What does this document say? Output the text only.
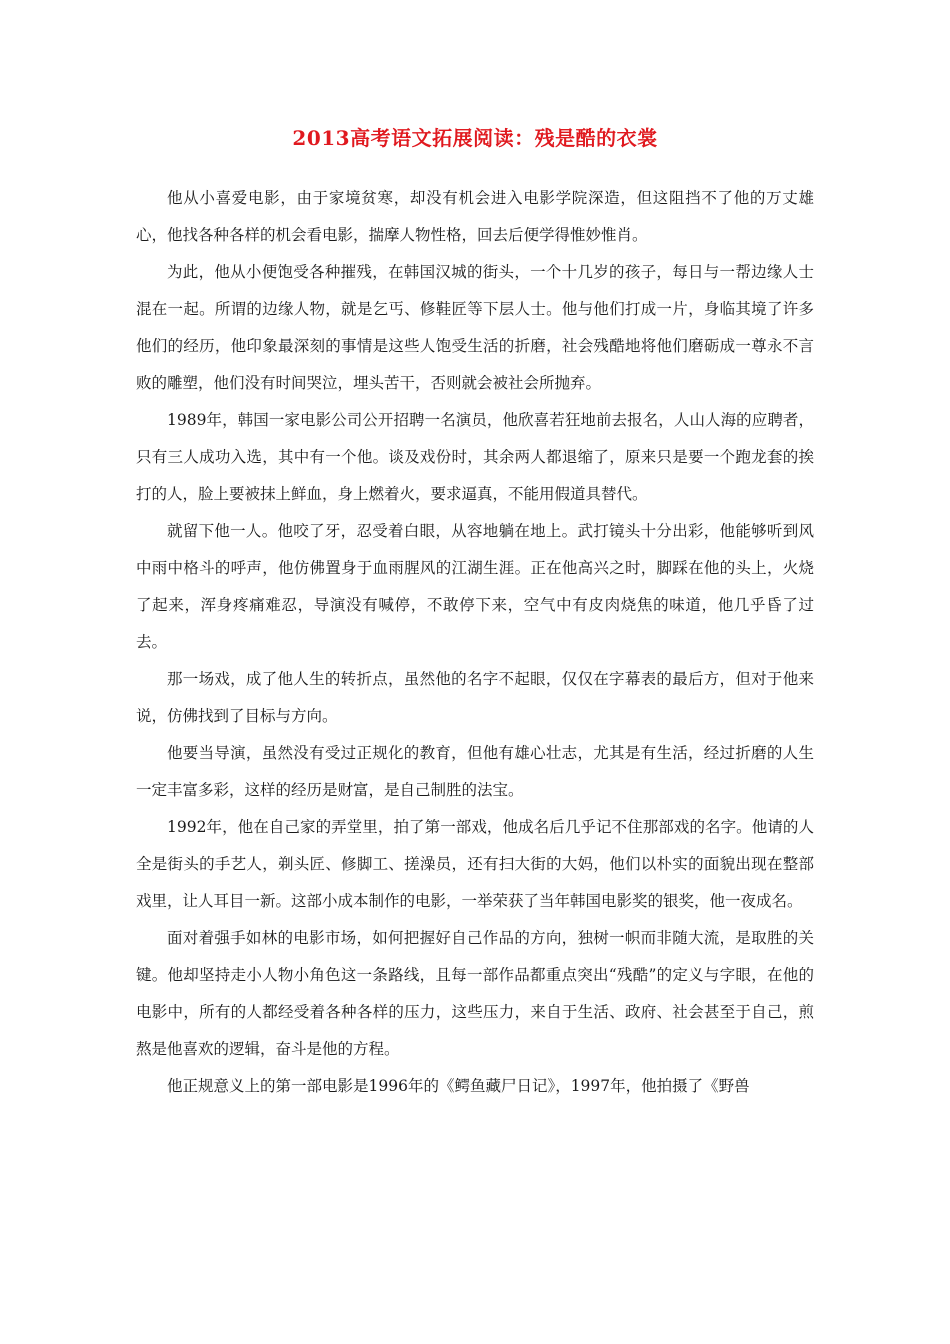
2013高考语文拓展阅读：残是酷的衣裳

他从小喜爱电影，由于家境贫寒，却没有机会进入电影学院深造，但这阻挡不了他的万丈雄心，他找各种各样的机会看电影，揣摩人物性格，回去后便学得惟妙惟肖。

为此，他从小便饱受各种摧残，在韩国汉城的街头，一个十几岁的孩子，每日与一帮边缘人士混在一起。所谓的边缘人物，就是乞丐、修鞋匠等下层人士。他与他们打成一片，身临其境了许多他们的经历，他印象最深刻的事情是这些人饱受生活的折磨，社会残酷地将他们磨砺成一尊永不言败的雕塑，他们没有时间哭泣，埋头苦干，否则就会被社会所抛弃。

1989年，韩国一家电影公司公开招聘一名演员，他欣喜若狂地前去报名，人山人海的应聘者，只有三人成功入选，其中有一个他。谈及戏份时，其余两人都退缩了，原来只是要一个跑龙套的挨打的人，脸上要被抹上鲜血，身上燃着火，要求逼真，不能用假道具替代。

就留下他一人。他咬了牙，忍受着白眼，从容地躺在地上。武打镜头十分出彩，他能够听到风中雨中格斗的呼声，他仿佛置身于血雨腥风的江湖生涯。正在他高兴之时，脚踩在他的头上，火烧了起来，浑身疼痛难忍，导演没有喊停，不敢停下来，空气中有皮肉烧焦的味道，他几乎昏了过去。

那一场戏，成了他人生的转折点，虽然他的名字不起眼，仅仅在字幕表的最后方，但对于他来说，仿佛找到了目标与方向。

他要当导演，虽然没有受过正规化的教育，但他有雄心壮志，尤其是有生活，经过折磨的人生一定丰富多彩，这样的经历是财富，是自己制胜的法宝。

1992年，他在自己家的弄堂里，拍了第一部戏，他成名后几乎记不住那部戏的名字。他请的人全是街头的手艺人，剃头匠、修脚工、搓澡员，还有扫大街的大妈，他们以朴实的面貌出现在整部戏里，让人耳目一新。这部小成本制作的电影，一举荣获了当年韩国电影奖的银奖，他一夜成名。

面对着强手如林的电影市场，如何把握好自己作品的方向，独树一帜而非随大流，是取胜的关键。他却坚持走小人物小角色这一条路线，且每一部作品都重点突出“残酷”的定义与字眼，在他的电影中，所有的人都经受着各种各样的压力，这些压力，来自于生活、政府、社会甚至于自己，煎熬是他喜欢的逻辑，奋斗是他的方程。

他正规意义上的第一部电影是1996年的《鳄鱼藏尸日记》，1997年，他拍摄了《野兽
